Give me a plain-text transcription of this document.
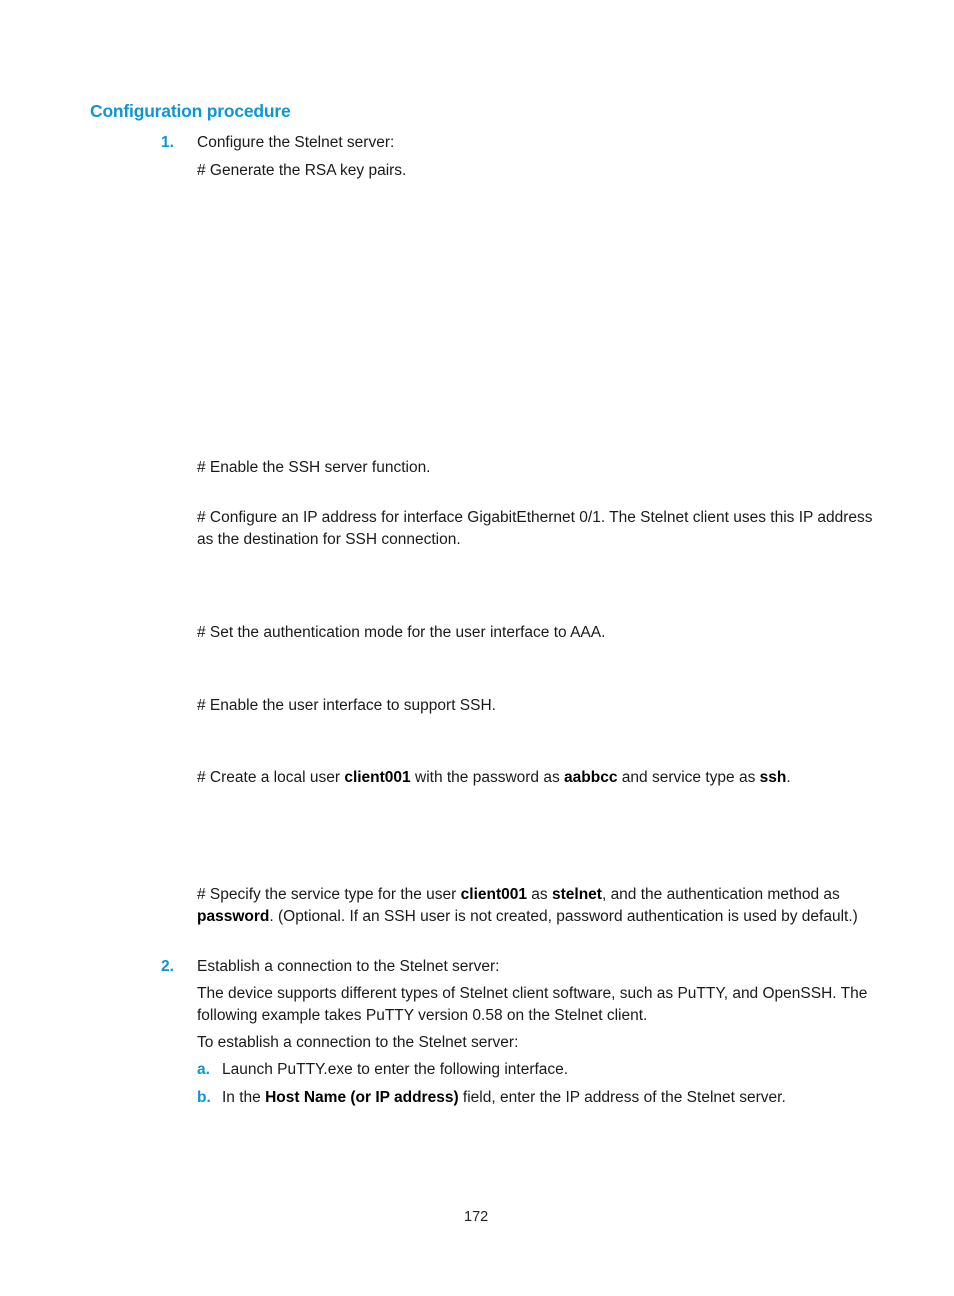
Configuration procedure
1. Configure the Stelnet server:
# Generate the RSA key pairs.
# Enable the SSH server function.
# Configure an IP address for interface GigabitEthernet 0/1. The Stelnet client uses this IP address
as the destination for SSH connection.
# Set the authentication mode for the user interface to AAA.
# Enable the user interface to support SSH.
# Create a local user client001 with the password as aabbcc and service type as ssh.
# Specify the service type for the user client001 as stelnet, and the authentication method as
password. (Optional. If an SSH user is not created, password authentication is used by default.)
2. Establish a connection to the Stelnet server:
The device supports different types of Stelnet client software, such as PuTTY, and OpenSSH. The
following example takes PuTTY version 0.58 on the Stelnet client.
To establish a connection to the Stelnet server:
a. Launch PuTTY.exe to enter the following interface.
b. In the Host Name (or IP address) field, enter the IP address of the Stelnet server.
172
